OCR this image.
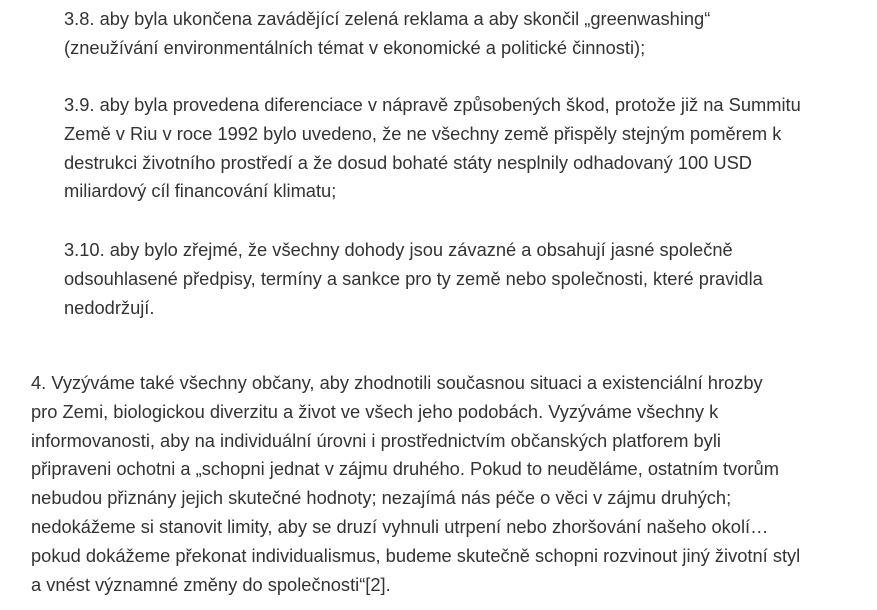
3.8. aby byla ukončena zaváděјící zelená reklama a aby skončil „greenwashing“
(zneužívání environmentálních témat v ekonomické a politické činnosti);

3.9. aby byla provedena diferenciace v nápravě způsobených škod, protože již na Summitu
Země v Riu v roce 1992 bylo uvedeno, že ne všechny země přispěly stejným poměrem k
destrukci životního prostředí a že dosud bohaté státy nesplnily odhadovaný 100 USD
miliardový cíl financování klimatu;

3.10. aby bylo zřejmé, že všechny dohody jsou závazné a obsahují jasné společně
odsouhlasené předpisy, termíny a sankce pro ty země nebo společnosti, které pravidla
nedodržují.

4. Vyzýváme také všechny občany, aby zhodnotili současnou situaci a existenciální hrozby
pro Zemi, biologickou diverzitu a život ve všech jeho podobách. Vyzýváme všechny k
informovanosti, aby na individuální úrovni i prostřednictvím občanských platforem byli
připraveni ochotni a „schopni jednat v zájmu druhého. Pokud to neuděláme, ostatním tvorům
nebudou přiznány jejich skutečné hodnoty; nezajímá nás péče o věci v zájmu druhých;
nedokážeme si stanovit limity, aby se druzí vyhnuli utrpení nebo zhoršování našeho okolí…
pokud dokážeme překonat individualismus, budeme skutečně schopni rozvinout jiný životní styl
a vnést významné změny do společnosti“[2].
